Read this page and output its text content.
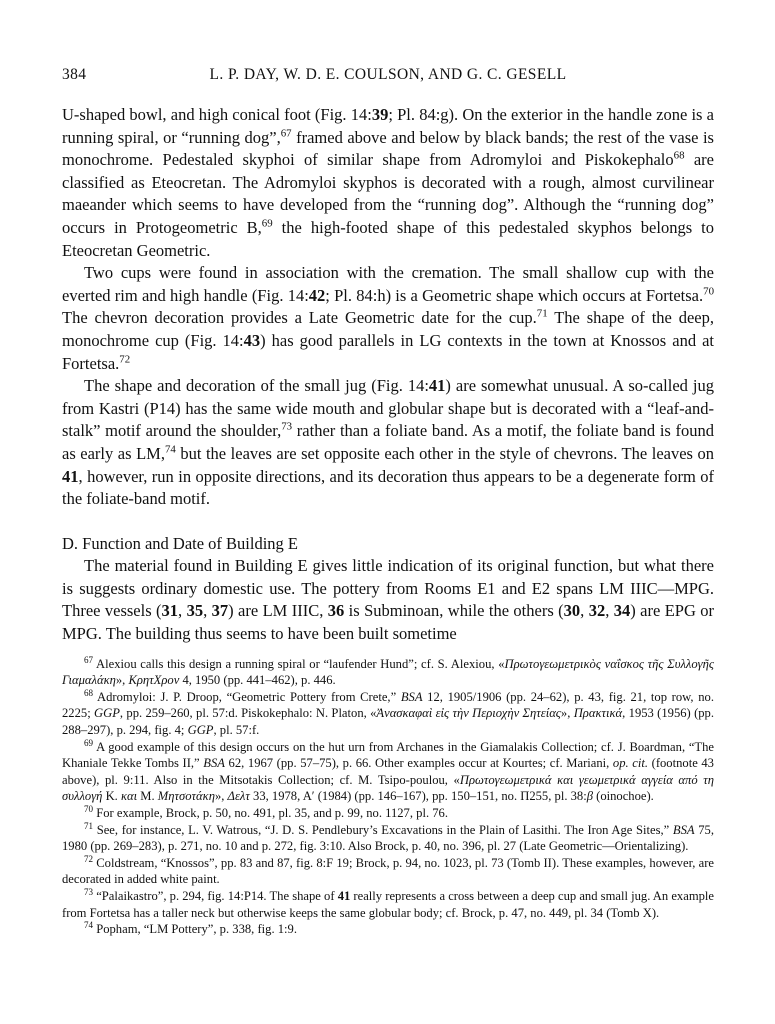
384	L. P. DAY, W. D. E. COULSON, AND G. C. GESELL

U-shaped bowl, and high conical foot (Fig. 14:39; Pl. 84:g). On the exterior in the handle zone is a running spiral, or “running dog”,$^{67}$ framed above and below by black bands; the rest of the vase is monochrome. Pedestaled skyphoi of similar shape from Adromyloi and Piskokephalo$^{68}$ are classified as Eteocretan. The Adromyloi skyphos is decorated with a rough, almost curvilinear maeander which seems to have developed from the “running dog”. Although the “running dog” occurs in Protogeometric B,$^{69}$ the high-footed shape of this pedestaled skyphos belongs to Eteocretan Geometric.

Two cups were found in association with the cremation. The small shallow cup with the everted rim and high handle (Fig. 14:42; Pl. 84:h) is a Geometric shape which occurs at Fortetsa.$^{70}$ The chevron decoration provides a Late Geometric date for the cup.$^{71}$ The shape of the deep, monochrome cup (Fig. 14:43) has good parallels in LG contexts in the town at Knossos and at Fortetsa.$^{72}$

The shape and decoration of the small jug (Fig. 14:41) are somewhat unusual. A so-called jug from Kastri (P14) has the same wide mouth and globular shape but is decorated with a “leaf-and-stalk” motif around the shoulder,$^{73}$ rather than a foliate band. As a motif, the foliate band is found as early as LM,$^{74}$ but the leaves are set opposite each other in the style of chevrons. The leaves on 41, however, run in opposite directions, and its decoration thus appears to be a degenerate form of the foliate-band motif.

D. Function and Date of Building E

The material found in Building E gives little indication of its original function, but what there is suggests ordinary domestic use. The pottery from Rooms E1 and E2 spans LM IIIC—MPG. Three vessels (31, 35, 37) are LM IIIC, 36 is Subminoan, while the others (30, 32, 34) are EPG or MPG. The building thus seems to have been built sometime

$^{67}$ Alexiou calls this design a running spiral or “laufender Hund”; cf. S. Alexiou, «Πρωτογεωμετρικὸς ναΐσκος τῆς Συλλογῆς Γιαμαλάκη», ΚρητΧρον 4, 1950 (pp. 441–462), p. 446.

$^{68}$ Adromyloi: J. P. Droop, “Geometric Pottery from Crete,” BSA 12, 1905/1906 (pp. 24–62), p. 43, fig. 21, top row, no. 2225; GGP, pp. 259–260, pl. 57:d. Piskokephalo: N. Platon, «Ἀνασκαφαὶ εἰς τὴν Περιοχὴν Σητείας», Πρακτικά, 1953 (1956) (pp. 288–297), p. 294, fig. 4; GGP, pl. 57:f.

$^{69}$ A good example of this design occurs on the hut urn from Archanes in the Giamalakis Collection; cf. J. Boardman, “The Khaniale Tekke Tombs II,” BSA 62, 1967 (pp. 57–75), p. 66. Other examples occur at Kourtes; cf. Mariani, op. cit. (footnote 43 above), pl. 9:11. Also in the Mitsotakis Collection; cf. M. Tsipo-poulou, «Πρωτογεωμετρικά και γεωμετρικά αγγεία από τη συλλογή Κ. και Μ. Μητσοτάκη», Δελτ 33, 1978, Αʹ (1984) (pp. 146–167), pp. 150–151, no. Π255, pl. 38:β (oinochoe).

$^{70}$ For example, Brock, p. 50, no. 491, pl. 35, and p. 99, no. 1127, pl. 76.

$^{71}$ See, for instance, L. V. Watrous, “J. D. S. Pendlebury’s Excavations in the Plain of Lasithi. The Iron Age Sites,” BSA 75, 1980 (pp. 269–283), p. 271, no. 10 and p. 272, fig. 3:10. Also Brock, p. 40, no. 396, pl. 27 (Late Geometric—Orientalizing).

$^{72}$ Coldstream, “Knossos”, pp. 83 and 87, fig. 8:F 19; Brock, p. 94, no. 1023, pl. 73 (Tomb II). These examples, however, are decorated in added white paint.

$^{73}$ “Palaikastro”, p. 294, fig. 14:P14. The shape of 41 really represents a cross between a deep cup and small jug. An example from Fortetsa has a taller neck but otherwise keeps the same globular body; cf. Brock, p. 47, no. 449, pl. 34 (Tomb X).

$^{74}$ Popham, “LM Pottery”, p. 338, fig. 1:9.
